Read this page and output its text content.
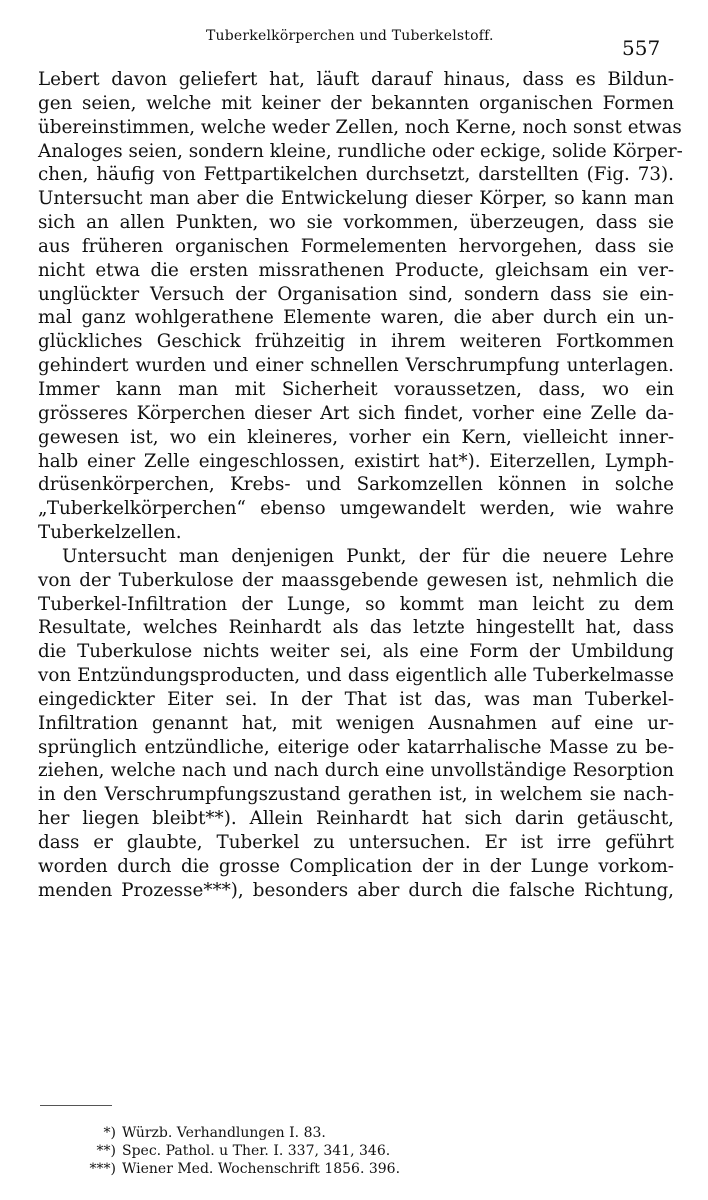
Tuberkelkörperchen und Tuberkelstoff.	557
Lebert davon geliefert hat, läuft darauf hinaus, dass es Bildun-
gen seien, welche mit keiner der bekannten organischen Formen
übereinstimmen, welche weder Zellen, noch Kerne, noch sonst etwas
Analoges seien, sondern kleine, rundliche oder eckige, solide Körper-
chen, häufig von Fettpartikelchen durchsetzt, darstellten (Fig. 73).
Untersucht man aber die Entwickelung dieser Körper, so kann man
sich an allen Punkten, wo sie vorkommen, überzeugen, dass sie
aus früheren organischen Formelementen hervorgehen, dass sie
nicht etwa die ersten missrathenen Producte, gleichsam ein ver-
unglückter Versuch der Organisation sind, sondern dass sie ein-
mal ganz wohlgerathene Elemente waren, die aber durch ein un-
glückliches Geschick frühzeitig in ihrem weiteren Fortkommen
gehindert wurden und einer schnellen Verschrumpfung unterlagen.
Immer kann man mit Sicherheit voraussetzen, dass, wo ein
grösseres Körperchen dieser Art sich findet, vorher eine Zelle da-
gewesen ist, wo ein kleineres, vorher ein Kern, vielleicht inner-
halb einer Zelle eingeschlossen, existirt hat*). Eiterzellen, Lymph-
drüsenkörperchen, Krebs- und Sarkomzellen können in solche
„Tuberkelkörperchen“ ebenso umgewandelt werden, wie wahre
Tuberkelzellen.
Untersucht man denjenigen Punkt, der für die neuere Lehre
von der Tuberkulose der maassgebende gewesen ist, nehmlich die
Tuberkel-Infiltration der Lunge, so kommt man leicht zu dem
Resultate, welches Reinhardt als das letzte hingestellt hat, dass
die Tuberkulose nichts weiter sei, als eine Form der Umbildung
von Entzündungsproducten, und dass eigentlich alle Tuberkelmasse
eingedickter Eiter sei. In der That ist das, was man Tuberkel-
Infiltration genannt hat, mit wenigen Ausnahmen auf eine ur-
sprünglich entzündliche, eiterige oder katarrhalische Masse zu be-
ziehen, welche nach und nach durch eine unvollständige Resorption
in den Verschrumpfungszustand gerathen ist, in welchem sie nach-
her liegen bleibt**). Allein Reinhardt hat sich darin getäuscht,
dass er glaubte, Tuberkel zu untersuchen. Er ist irre geführt
worden durch die grosse Complication der in der Lunge vorkom-
menden Prozesse***), besonders aber durch die falsche Richtung,
*) Würzb. Verhandlungen I. 83.
**) Spec. Pathol. u Ther. I. 337, 341, 346.
***) Wiener Med. Wochenschrift 1856. 396.
